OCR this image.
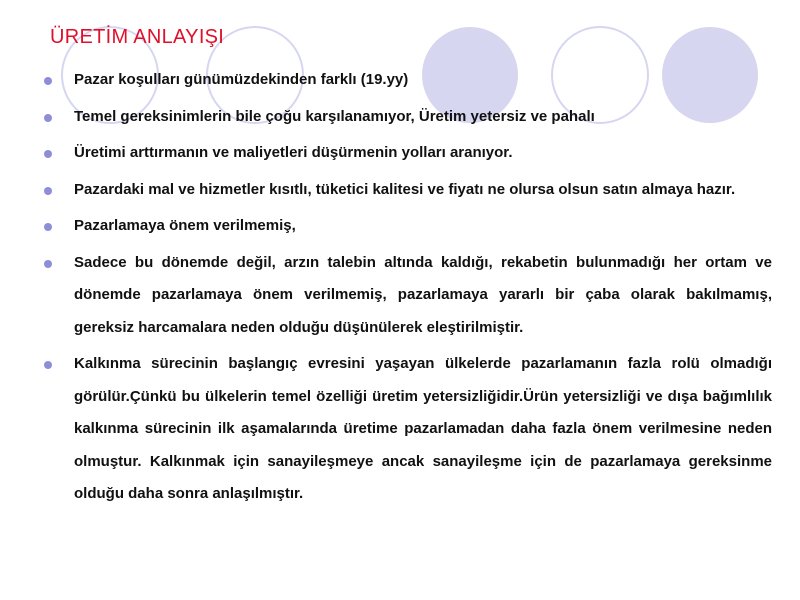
ÜRETİM ANLAYIŞI
Pazar koşulları günümüzdekinden farklı (19.yy)
Temel gereksinimlerin bile çoğu karşılanamıyor, Üretim yetersiz ve pahalı
Üretimi arttırmanın ve maliyetleri düşürmenin yolları aranıyor.
Pazardaki mal ve hizmetler kısıtlı, tüketici kalitesi ve fiyatı ne olursa olsun satın almaya hazır.
Pazarlamaya önem verilmemiş,
Sadece bu dönemde değil, arzın talebin altında kaldığı, rekabetin bulunmadığı her ortam ve dönemde pazarlamaya önem verilmemiş, pazarlamaya yararlı bir çaba olarak bakılmamış, gereksiz harcamalara neden olduğu düşünülerek eleştirilmiştir.
Kalkınma sürecinin başlangıç evresini yaşayan ülkelerde pazarlamanın fazla rolü olmadığı görülür.Çünkü bu ülkelerin temel özelliği üretim yetersizliğidir.Ürün yetersizliği ve dışa bağımlılık kalkınma sürecinin ilk aşamalarında üretime pazarlamadan daha fazla önem verilmesine neden olmuştur. Kalkınmak için sanayileşmeye ancak sanayileşme için de pazarlamaya gereksinme olduğu daha sonra anlaşılmıştır.
